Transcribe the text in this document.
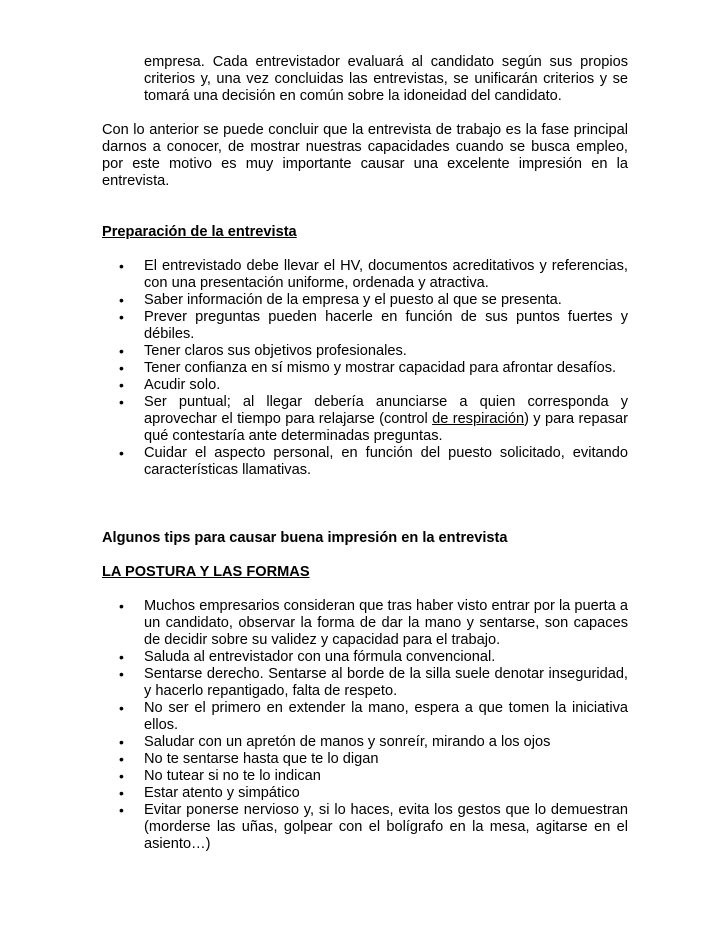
empresa. Cada entrevistador evaluará al candidato según sus propios criterios y, una vez concluidas las entrevistas, se unificarán criterios y se tomará una decisión en común sobre la idoneidad del candidato.

Con lo anterior se puede concluir que la entrevista de trabajo es la fase principal darnos a conocer, de mostrar nuestras capacidades cuando se busca empleo, por este motivo es muy importante causar una excelente impresión en la entrevista.

Preparación de la entrevista

• El entrevistado debe llevar el HV, documentos acreditativos y referencias, con una presentación uniforme, ordenada y atractiva.
• Saber información de la empresa y el puesto al que se presenta.
• Prever preguntas pueden hacerle en función de sus puntos fuertes y débiles.
• Tener claros sus objetivos profesionales.
• Tener confianza en sí mismo y mostrar capacidad para afrontar desafíos.
• Acudir solo.
• Ser puntual; al llegar debería anunciarse a quien corresponda y aprovechar el tiempo para relajarse (control de respiración) y para repasar qué contestaría ante determinadas preguntas.
• Cuidar el aspecto personal, en función del puesto solicitado, evitando características llamativas.

Algunos tips para causar buena impresión en la entrevista

LA POSTURA Y LAS FORMAS

• Muchos empresarios consideran que tras haber visto entrar por la puerta a un candidato, observar la forma de dar la mano y sentarse, son capaces de decidir sobre su validez y capacidad para el trabajo.
• Saluda al entrevistador con una fórmula convencional.
• Sentarse derecho. Sentarse al borde de la silla suele denotar inseguridad, y hacerlo repantigado, falta de respeto.
• No ser el primero en extender la mano, espera a que tomen la iniciativa ellos.
• Saludar con un apretón de manos y sonreír, mirando a los ojos
• No te sentarse hasta que te lo digan
• No tutear si no te lo indican
• Estar atento y simpático
• Evitar ponerse nervioso y, si lo haces, evita los gestos que lo demuestran (morderse las uñas, golpear con el bolígrafo en la mesa, agitarse en el asiento…)
